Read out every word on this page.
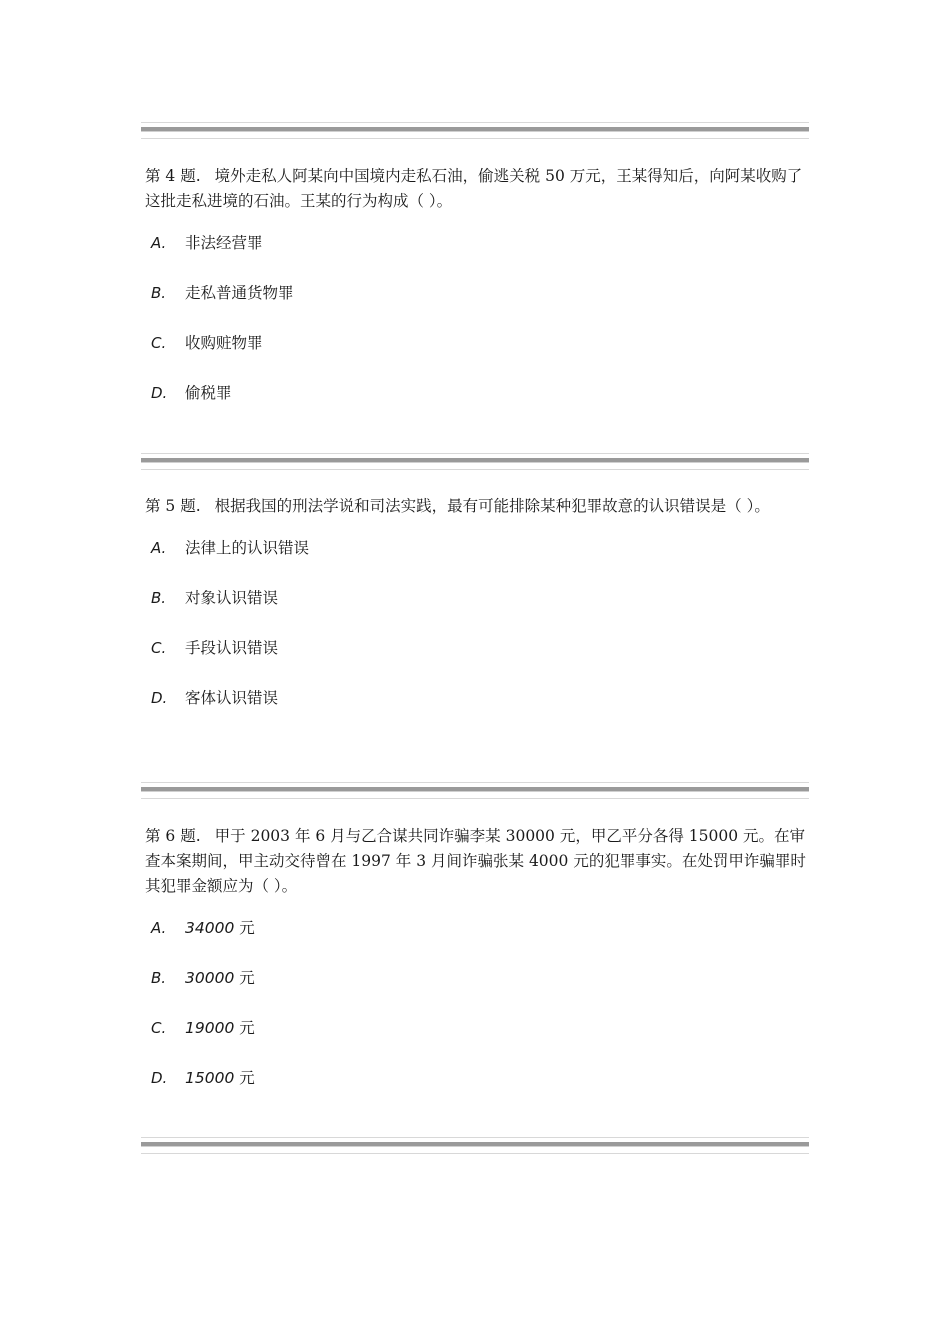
第 4 题. 境外走私人阿某向中国境内走私石油，偷逃关税 50 万元，王某得知后，向阿某收购了这批走私进境的石油。王某的行为构成（ ）。

A.	非法经营罪
B.	走私普通货物罪
C.	收购赃物罪
D.	偷税罪

第 5 题. 根据我国的刑法学说和司法实践，最有可能排除某种犯罪故意的认识错误是（ ）。

A.	法律上的认识错误
B.	对象认识错误
C.	手段认识错误
D.	客体认识错误

第 6 题. 甲于 2003 年 6 月与乙合谋共同诈骗李某 30000 元，甲乙平分各得 15000 元。在审查本案期间，甲主动交待曾在 1997 年 3 月间诈骗张某 4000 元的犯罪事实。在处罚甲诈骗罪时其犯罪金额应为（ ）。

A.	34000 元
B.	30000 元
C.	19000 元
D.	15000 元
